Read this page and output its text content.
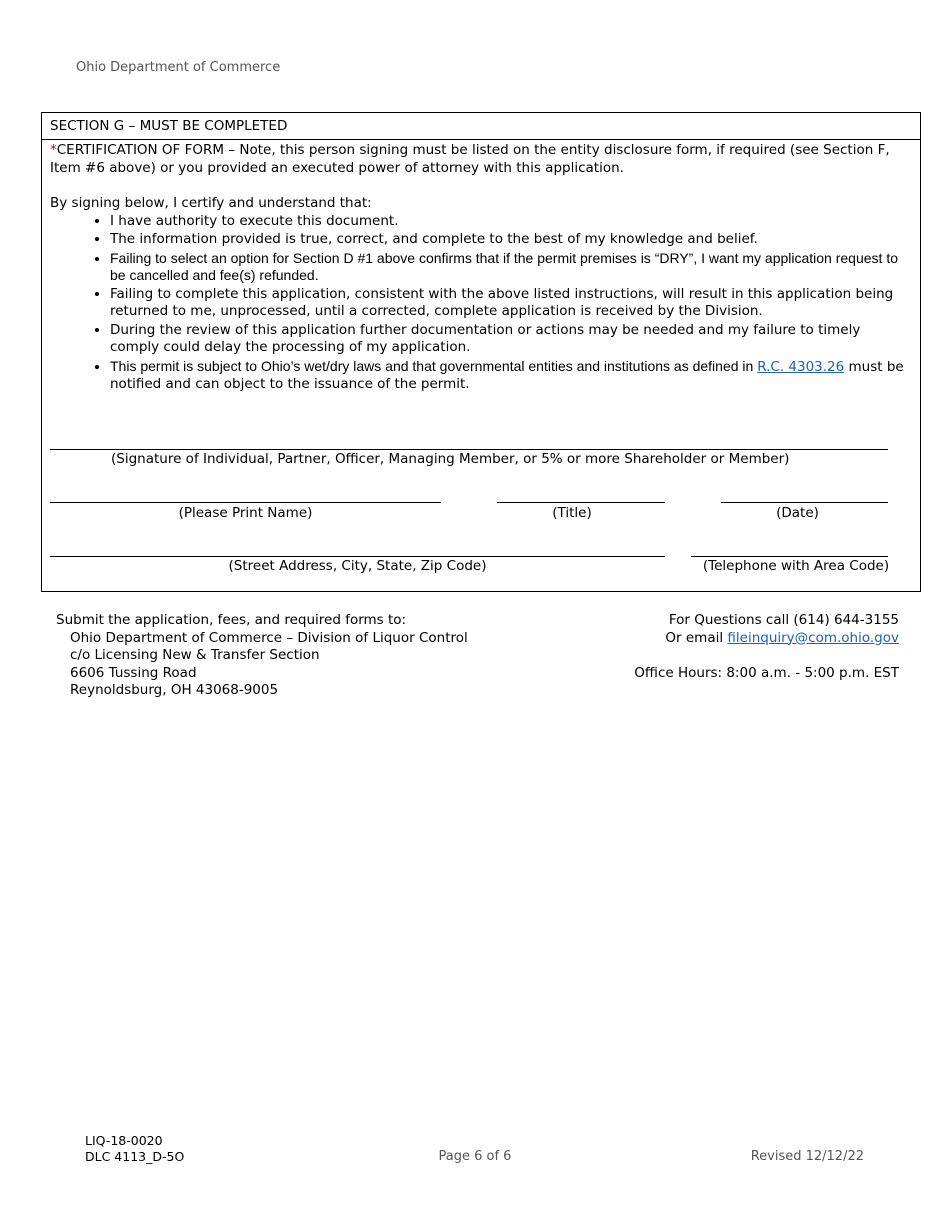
Ohio Department of Commerce
SECTION G – MUST BE COMPLETED

*CERTIFICATION OF FORM – Note, this person signing must be listed on the entity disclosure form, if required (see Section F, Item #6 above) or you provided an executed power of attorney with this application.

By signing below, I certify and understand that:

• I have authority to execute this document.
• The information provided is true, correct, and complete to the best of my knowledge and belief.
• Failing to select an option for Section D #1 above confirms that if the permit premises is “DRY”, I want my application request to be cancelled and fee(s) refunded.
• Failing to complete this application, consistent with the above listed instructions, will result in this application being returned to me, unprocessed, until a corrected, complete application is received by the Division.
• During the review of this application further documentation or actions may be needed and my failure to timely comply could delay the processing of my application.
• This permit is subject to Ohio’s wet/dry laws and that governmental entities and institutions as defined in R.C. 4303.26 must be notified and can object to the issuance of the permit.
(Signature of Individual, Partner, Officer, Managing Member, or 5% or more Shareholder or Member)
(Please Print Name)	(Title)	(Date)
(Street Address, City, State, Zip Code)	(Telephone with Area Code)
Submit the application, fees, and required forms to:
Ohio Department of Commerce – Division of Liquor Control
c/o Licensing New & Transfer Section
6606 Tussing Road
Reynoldsburg, OH 43068-9005
For Questions call (614) 644-3155
Or email fileinquiry@com.ohio.gov
Office Hours: 8:00 a.m. - 5:00 p.m. EST
LIQ-18-0020
DLC 4113_D-5O	Page 6 of 6	Revised 12/12/22
